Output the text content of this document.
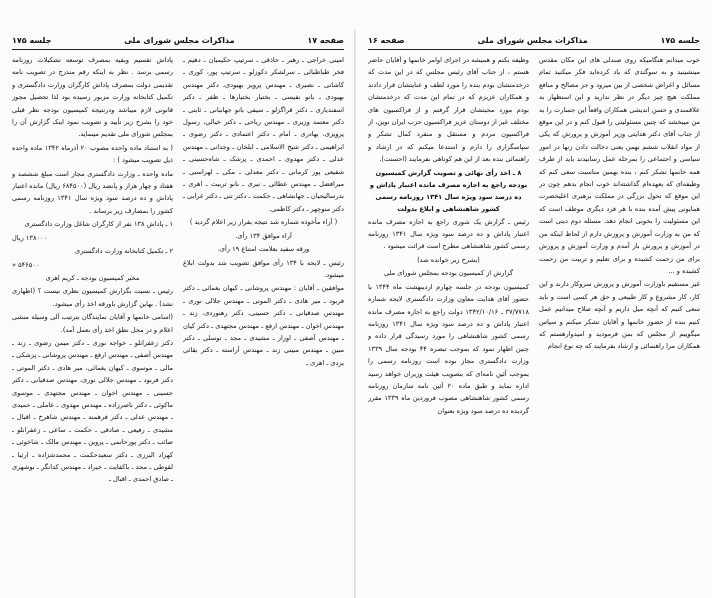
صفحه ۱۷
مذاکرات مجلس شورای ملی
جلسه ۱۷۵

امینی خراجی ـ رهبر ـ حاذقی ـ سرتیپ حکیمیان ـ دهیم ـ فخر طباطبائی ـ سرلشکر دکوزلو ـ سرتیپ پور، کوری ـ کاشانی ـ نصیری ـ مهندس پرویز بهبودی، دکتر مهندس بهبودی ـ بانو نفیسی ـ بختیار بختیارها ـ ظفر ـ دکتر اسفندیاری ـ دکتر قراگزلو ـ سیفی بانو جهانبانی ـ ثابتی ـ دکتر معتمد وزیری ـ مهندس ریاحی ـ دکتر خیالی، رسول پرویزی، بهادری ـ امام ـ دکتر اعتمادی ـ دکتر رضوی ـ ابراهیمی ـ دکتر شیخ الاسلامی ـ ایلخان ـ وجدانی ـ مهندس عدلی ـ دکتر مهدوی ـ احمدی ـ پزشک ـ شاه‌حسینی ـ شفیعی پور کرمانی ـ دکتر معدلی ـ مکی ـ لهراسبی ـ میرافضل ـ مهندس عطائی ـ نیری ـ بانو تربیت ـ اهری ـ بدرسالیحیان ـ جهانشاهی ـ حکمت ـ دکتر تنی ـ دکتر غرابی ـ دکتر منوچهر ـ دکتر کاظمی.

( آراء مأخوذه شماره شد نتیجه بقرار زیر اعلام گردید )

آراء موافق ۱۳۴ رأی.

ورقه سفید بعلامت امتناع ۱۹ رأی.

رئیس ـ لایحه با ۱۳۴ رأی موافق تصویب شد بدولت ابلاغ میشود.

موافقین ـ آقایان : مهندس پروشانی ـ کیهان یغمائی ـ دکتر فربود ـ میر هادی ـ دکتر الموتی ـ مهندس جلالی نوری ـ مهندس صدقیانی ـ دکتر حسینی، دکتر رهنوردی، زند ـ مهندس اخوان ـ مهندس ارفع ـ مهندس مجتهدی ـ دکتر کیان ـ مهندس آصفی ـ اوزار ـ مشیدی ـ مجد ـ توسلی ـ دکتر مبین ـ مهندس مبینی زند ـ مهندس آراسته ـ دکتر بقائی یزدی ـ اهری ـ

پاداش تقسیم وبقیه بمصرف توسعه تشکیلات روزنامه رسمی برسد . نظر به اینکه رقم مندرج در تصویب نامه تقدیمی دولت بمصرف پاداش کارگران وزارت دادگستری و تکمیل کتابخانه وزارت مزبور رسیده بود لذا تحصیل مجوز قانونی لازم میباشد ودرنتیجه کمیسیون بودجه نظر قبلی خود را بشرح زیر تأیید و تصویب نمود اینک گزارش آن را بمجلس شورای ملی تقدیم مینماید.

( به استناد ماده واحده مصوب ۲۰ آذرماه ۱۳۴۲ ماده واحده ذیل تصویب میشود ) :

ماده واحده ـ وزارت دادگستری مجاز است مبلغ ششصد و هفتاد و چهار هزار و پانصد ریال (۶۸۴۵۰۰ ریال) مانده اعتبار پاداش و ده درصد سود ویژه سال ۱۳۴۱ روزنامه رسمی کشور را بمصارف زیر برساند .

۱ ـ پاداش ۱۳۸ نفر از کارگران شاغل وزارت دادگستری

۱۳۸۰۰۰ ریال

۲ ـ تکمیل کتابخانه وزارت دادگستری

۵۴۶۵۰۰ «

مخبر کمیسیون بودجه ـ کریم اهری

رئیس ـ نسبت بگزارش کمیسیون نظری نیست ؟ (اظهاری نشد) . بهاین گزارش باورقه اخذ رأی میشود.

(اسامی خانمها و آقایان نمایندگان بترتیب آلی وسیله منشی اعلام و در محل نطق اخذ رأی بعمل آمد).

دکتر زعفرانلو ـ خواجه نوری ـ دکتر میمن رضوی ـ زند ـ مهندس آصفی ـ مهندس ارفع ـ مهندس پروشانی ـ پزشکی ـ مالی ـ موسوی ـ کیهان یغمائی، میر هادی ـ دکتر الموتی ـ دکتر فربود ـ مهندس جلالی نوری، مهندس صدقیانی ـ دکتر حسینی ـ مهندس اخوان ـ مهندس مجتهدی ـ موسوی ماکوئی ـ دکتر ناصرزاده ـ مهندس مهدوی ـ عاملی ـ حمیدی ـ مهندس عدلی ـ دکتر فرهمند ـ مهندس شاهرخ ـ اقبال ـ مشیدی ـ رفیعی ـ صادقی ـ حکمت ـ ساعی ـ زعفرانلو ـ صائب ـ دکتر پورحاتمی ـ پروین ـ مهندس مالک ـ شاخوئی ـ کهزاد البرزی ـ دکتر سعیدحکمت ـ محمدشزاده ـ ارثیا ـ لقوطی ـ مجد ـ باکفایت ـ خیراد ـ مهندس کدانگر ـ بوشهری ـ صادق احمدی ـ اقبال ـ

جلسه ۱۷۵
مذاکرات مجلس شورای ملی
صفحه ۱۶

خوب میدانم هنگامیکه روی صندلی های این مکان مقدس مینشینید و به سوگندی که یاد کرده‌اید فکر میکنید تمام مسائل و اغراض شخصی از بین میرود و جز مصالح و منافع مملکت هیچ چیز دیگر در نظر ندارید و این استظهار به علاقمندی و حسن اندیشی همکاران واقعاً این جسارت را به من میبخشد که چنین مسئولیتی را قبول کنم و در این موقع از جناب آقای دکتر هدایتی وزیر آموزش و پرورش که یکی از مواد انقلاب ششم بهمن یعنی دخالت دادن زنها در امور سیاسی و اجتماعی را بمرحله عمل رسانیدند باید از طرف همه خانمها تشکر کنم ، بنده بهمین مناسبت سعی کنم که وظیفه‌ای که بعهده‌ام گذاشته‌اند خوب انجام بدهم چون در این موقع که تحول بزرگی در مملکت برهبری اعلیحضرت همایونی پیش آمده بنده با هر فرد دیگری موظف است که این مسئولیت را بخوبی انجام دهد، مسئله دوم دینی است که من به وزارت آموزش و پرورش دارم از لحاظ اینکه من در آموزش و پرورش بار آمدم و وزارت آموزش و پرورش برای من زحمت کشیده و برای تعلیم و تربیت من زحمت کشیده و ...

غیر مستقیم باوزارت آموزش و پرورش سروکار دارند و این کار، کار مشروع و کار طبیعی و حق هر کسی است و باید سعی کنیم که آنچه میل داریم و آنچه صلاح میدانیم عمل کنیم بنده از حضور خانمها و آقایان تشکر میکنم و سپاس میگوییم از مجلس که بمن فرمودید و امیدوارهستم که همکاران مرا راهنمائی و ارشاد بفرمایند که چه نوع انجام

وظیفه بکنم و همیشه در اجرای اوامر خانمها و آقایان حاضر هستم ، از جناب آقای رئیس مجلس که در این مدت که درخدمتشان بودم بنده را مورد لطف و عنایتشان قرار دادند و همکاران عزیزم که در تمام این مدت که درخدمتشان بودم مورد محبتشان قرار گرفتم و از فراکسیون های مختلف غیر از دوستان عزیز فراکسیون حزب ایران نوین، از فراکسیون مردم و مستقل و منفرد کمال تشکر و سپاسگزاری را دارم و استدعا میکنم که در ارشاد و راهنمائی بنده بعد از این هم کوتاهی نفرمایند (احسنت).

۸ ـ اخذ رأی نهائی و تصویب گزارش کمیسیون بودجه راجع به اجازه مصرف مانده اعتبار پاداش و ده درصد سود ویژه سال ۱۳۴۱ روزنامه رسمی کشور شاهنشاهی و ابلاغ بدولت

رئیس ـ گزارش یک شوری راجع به اجازه مصرف مانده اعتبار پاداش و ده درصد سود ویژه سال ۱۳۴۱ روزنامه رسمی کشور شاهنشاهی مطرح است قرائت میشود .

(بشرح زیر خوانده شد)

گزارش از کمیسیون بودجه بمجلس شورای ملی

کمیسیون بودجه در جلسه چهارم اردیبهشت ماه ۱۳۴۴ با حضور آقای هدایت معاون وزارت دادگستری لایحه شماره ۳۷/۷۷۱۸ ـ ۱۳۴۲/۱۰/۱۶ دولت راجع به اجازه مصرف مانده اعتبار پاداش و ده درصد سود ویژه سال ۱۳۴۱ روزنامه رسمی کشور شاهنشاهی را مورد رسیدگی قرار داده و چنین اظهار نمود که بموجب تبصره ۴۴ بودجه سال ۱۳۳۹ وزارت دادگستری مجاز بوده است روزنامه رسمی را بموجب آئین نامه‌ای که بتصویب هیئت وزیران خواهد رسید اداره نماید و طبق ماده ۲۰ آئین نامه سازمان روزنامه رسمی کشور شاهنشاهی مصوب فروردین ماه ۱۳۳۹ مقرر گردیده ده درصد سود ویژه بعنوان
